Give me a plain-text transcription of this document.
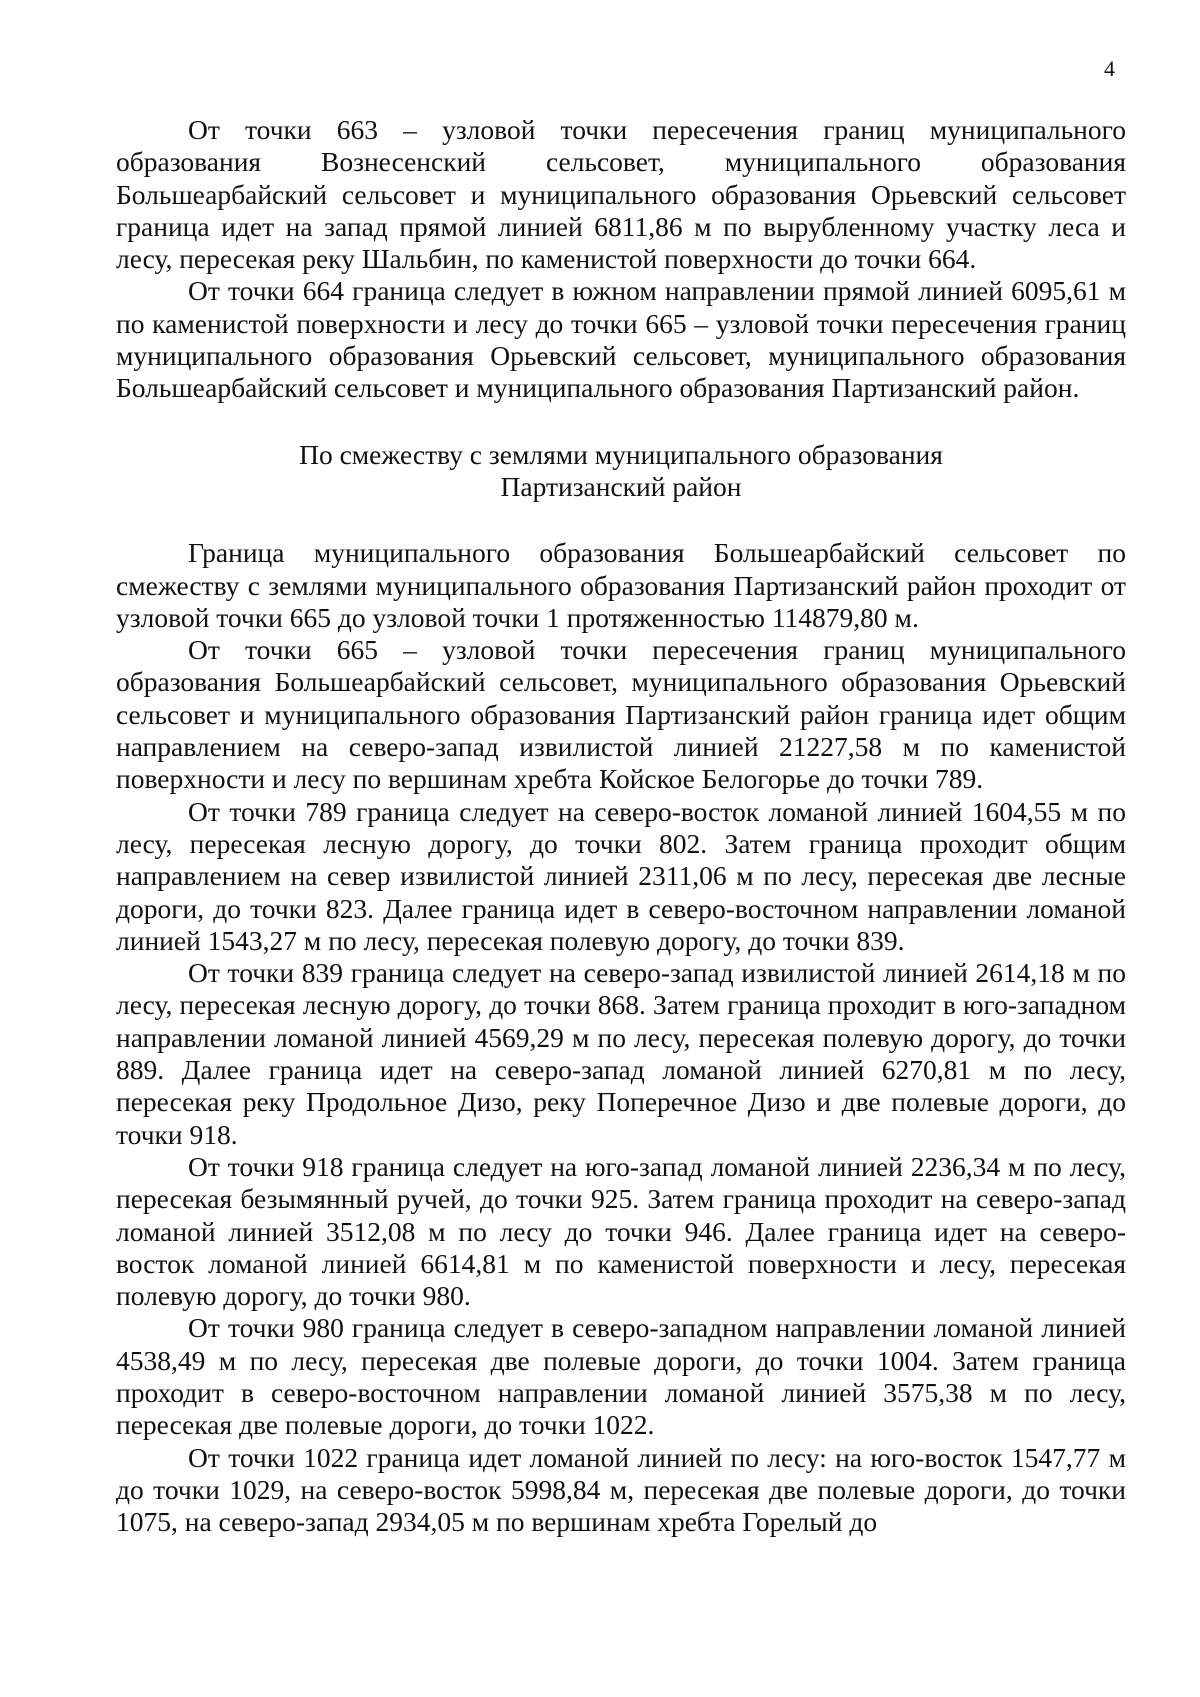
4

От точки 663 – узловой точки пересечения границ муниципального образования Вознесенский сельсовет, муниципального образования Большеарбайский сельсовет и муниципального образования Орьевский сельсовет граница идет на запад прямой линией 6811,86 м по вырубленному участку леса и лесу, пересекая реку Шальбин, по каменистой поверхности до точки 664.

От точки 664 граница следует в южном направлении прямой линией 6095,61 м по каменистой поверхности и лесу до точки 665 – узловой точки пересечения границ муниципального образования Орьевский сельсовет, муниципального образования Большеарбайский сельсовет и муниципального образования Партизанский район.

По смежеству с землями муниципального образования
Партизанский район

Граница муниципального образования Большеарбайский сельсовет по смежеству с землями муниципального образования Партизанский район проходит от узловой точки 665 до узловой точки 1 протяженностью 114879,80 м.

От точки 665 – узловой точки пересечения границ муниципального образования Большеарбайский сельсовет, муниципального образования Орьевский сельсовет и муниципального образования Партизанский район граница идет общим направлением на северо-запад извилистой линией 21227,58 м по каменистой поверхности и лесу по вершинам хребта Койское Белогорье до точки 789.

От точки 789 граница следует на северо-восток ломаной линией 1604,55 м по лесу, пересекая лесную дорогу, до точки 802. Затем граница проходит общим направлением на север извилистой линией 2311,06 м по лесу, пересекая две лесные дороги, до точки 823. Далее граница идет в северо-восточном направлении ломаной линией 1543,27 м по лесу, пересекая полевую дорогу, до точки 839.

От точки 839 граница следует на северо-запад извилистой линией 2614,18 м по лесу, пересекая лесную дорогу, до точки 868. Затем граница проходит в юго-западном направлении ломаной линией 4569,29 м по лесу, пересекая полевую дорогу, до точки 889. Далее граница идет на северо-запад ломаной линией 6270,81 м по лесу, пересекая реку Продольное Дизо, реку Поперечное Дизо и две полевые дороги, до точки 918.

От точки 918 граница следует на юго-запад ломаной линией 2236,34 м по лесу, пересекая безымянный ручей, до точки 925. Затем граница проходит на северо-запад ломаной линией 3512,08 м по лесу до точки 946. Далее граница идет на северо-восток ломаной линией 6614,81 м по каменистой поверхности и лесу, пересекая полевую дорогу, до точки 980.

От точки 980 граница следует в северо-западном направлении ломаной линией 4538,49 м по лесу, пересекая две полевые дороги, до точки 1004. Затем граница проходит в северо-восточном направлении ломаной линией 3575,38 м по лесу, пересекая две полевые дороги, до точки 1022.

От точки 1022 граница идет ломаной линией по лесу: на юго-восток 1547,77 м до точки 1029, на северо-восток 5998,84 м, пересекая две полевые дороги, до точки 1075, на северо-запад 2934,05 м по вершинам хребта Горелый до
